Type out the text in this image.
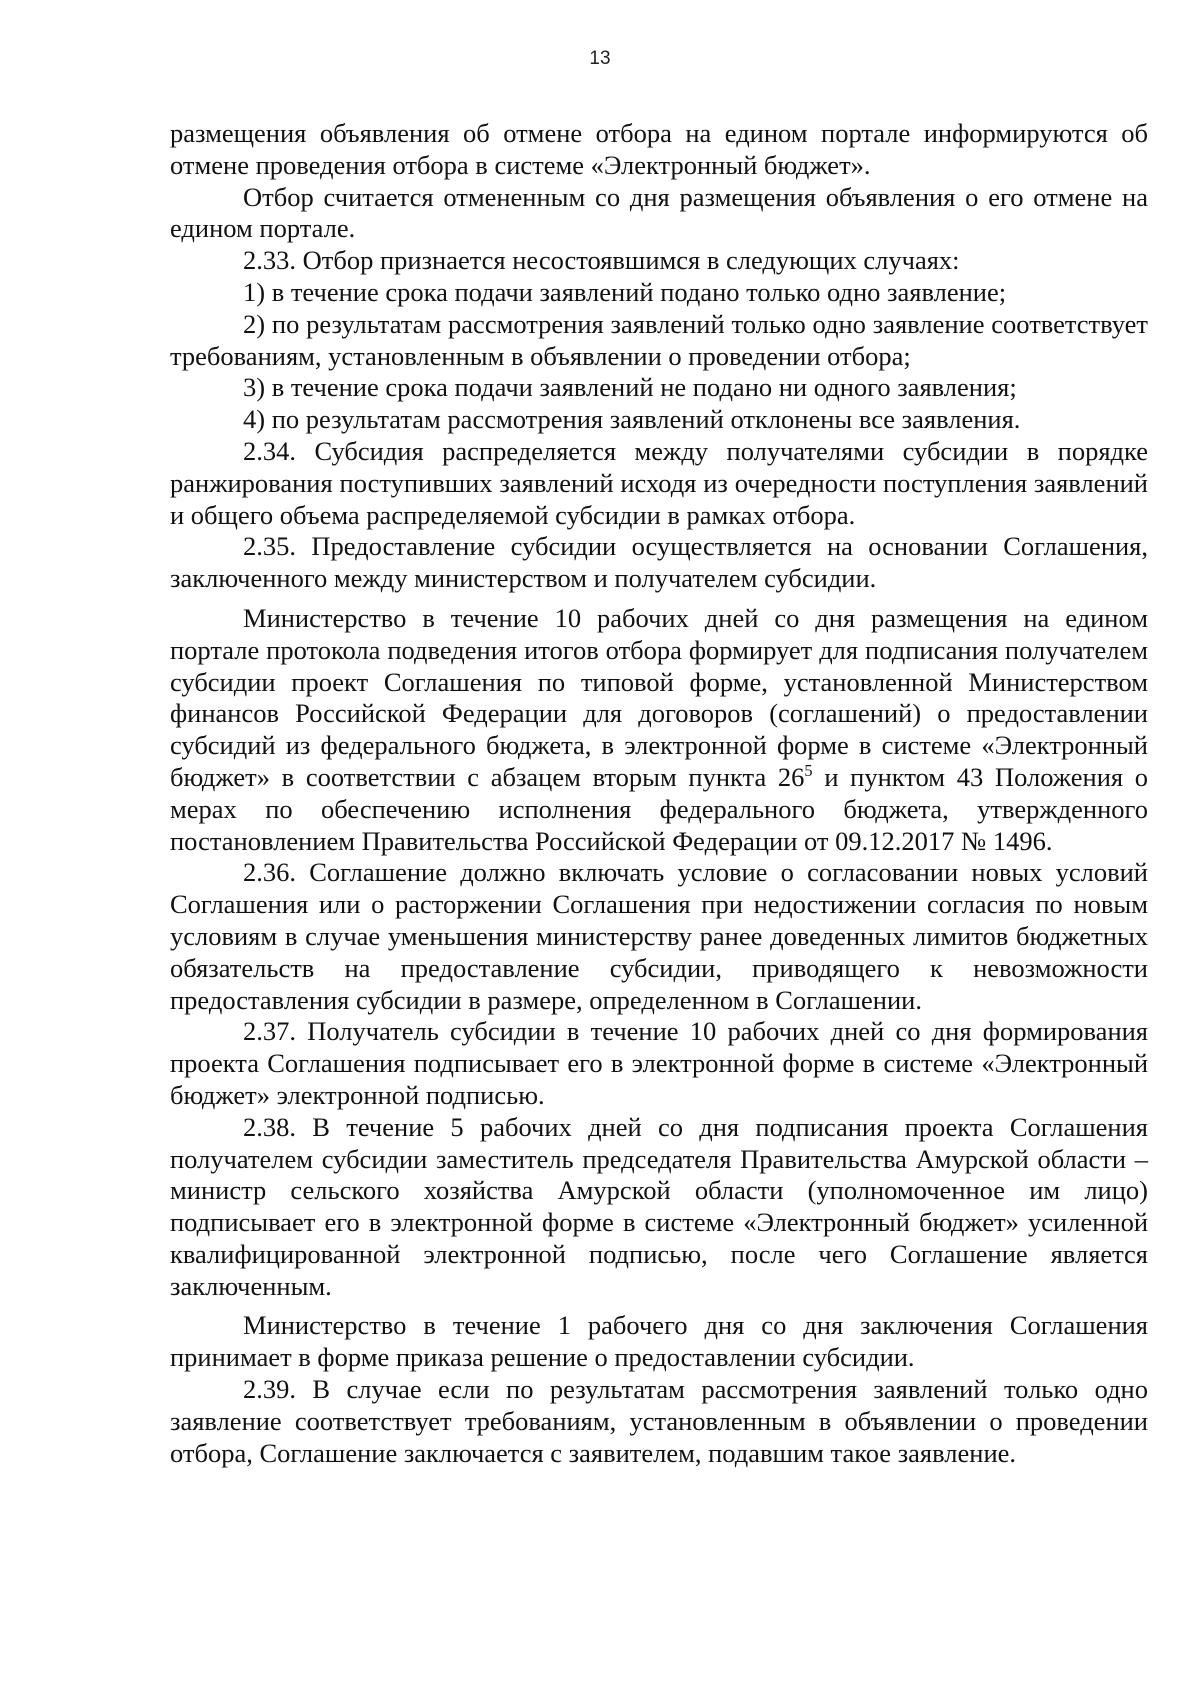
13

размещения объявления об отмене отбора на едином портале информируются об отмене проведения отбора в системе «Электронный бюджет».

Отбор считается отмененным со дня размещения объявления о его отмене на едином портале.

2.33. Отбор признается несостоявшимся в следующих случаях:

1) в течение срока подачи заявлений подано только одно заявление;

2) по результатам рассмотрения заявлений только одно заявление соответствует требованиям, установленным в объявлении о проведении отбора;

3) в течение срока подачи заявлений не подано ни одного заявления;

4) по результатам рассмотрения заявлений отклонены все заявления.

2.34. Субсидия распределяется между получателями субсидии в порядке ранжирования поступивших заявлений исходя из очередности поступления заявлений и общего объема распределяемой субсидии в рамках отбора.

2.35. Предоставление субсидии осуществляется на основании Соглашения, заключенного между министерством и получателем субсидии.

Министерство в течение 10 рабочих дней со дня размещения на едином портале протокола подведения итогов отбора формирует для подписания получателем субсидии проект Соглашения по типовой форме, установленной Министерством финансов Российской Федерации для договоров (соглашений) о предоставлении субсидий из федерального бюджета, в электронной форме в системе «Электронный бюджет» в соответствии с абзацем вторым пункта $26^5$ и пунктом 43 Положения о мерах по обеспечению исполнения федерального бюджета, утвержденного постановлением Правительства Российской Федерации от 09.12.2017 № 1496.

2.36. Соглашение должно включать условие о согласовании новых условий Соглашения или о расторжении Соглашения при недостижении согласия по новым условиям в случае уменьшения министерству ранее доведенных лимитов бюджетных обязательств на предоставление субсидии, приводящего к невозможности предоставления субсидии в размере, определенном в Соглашении.

2.37. Получатель субсидии в течение 10 рабочих дней со дня формирования проекта Соглашения подписывает его в электронной форме в системе «Электронный бюджет» электронной подписью.

2.38. В течение 5 рабочих дней со дня подписания проекта Соглашения получателем субсидии заместитель председателя Правительства Амурской области – министр сельского хозяйства Амурской области (уполномоченное им лицо) подписывает его в электронной форме в системе «Электронный бюджет» усиленной квалифицированной электронной подписью, после чего Соглашение является заключенным.

Министерство в течение 1 рабочего дня со дня заключения Соглашения принимает в форме приказа решение о предоставлении субсидии.

2.39. В случае если по результатам рассмотрения заявлений только одно заявление соответствует требованиям, установленным в объявлении о проведении отбора, Соглашение заключается с заявителем, подавшим такое заявление.
